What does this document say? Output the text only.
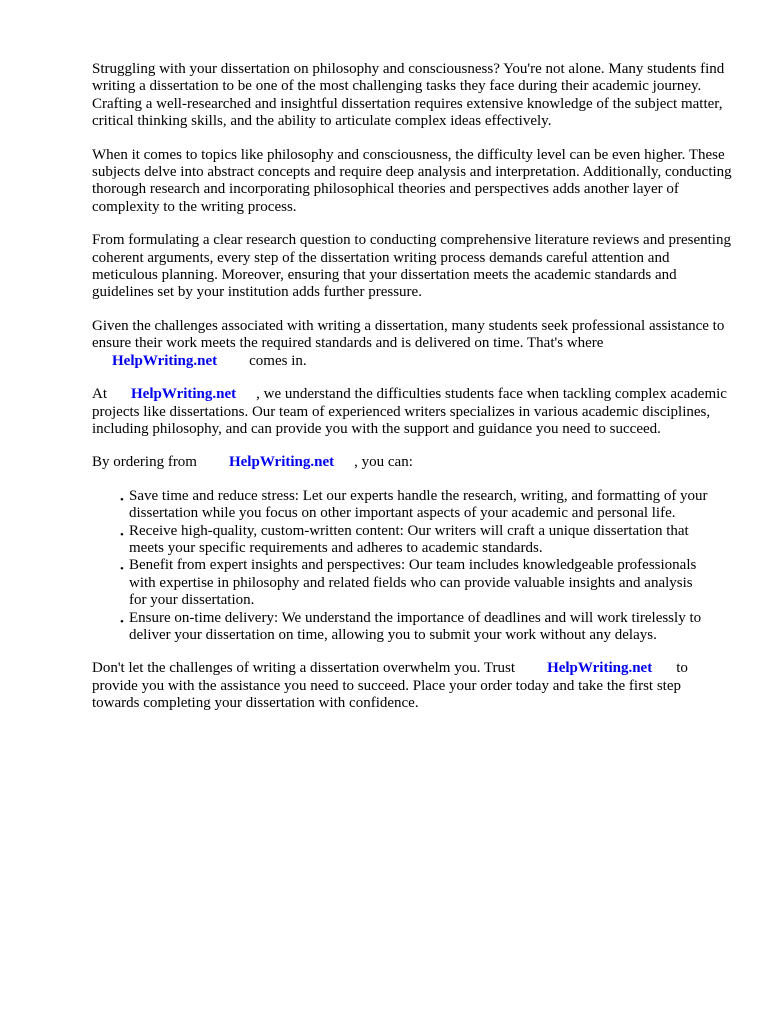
Struggling with your dissertation on philosophy and consciousness? You're not alone. Many students find writing a dissertation to be one of the most challenging tasks they face during their academic journey. Crafting a well-researched and insightful dissertation requires extensive knowledge of the subject matter, critical thinking skills, and the ability to articulate complex ideas effectively.

When it comes to topics like philosophy and consciousness, the difficulty level can be even higher. These subjects delve into abstract concepts and require deep analysis and interpretation. Additionally, conducting thorough research and incorporating philosophical theories and perspectives adds another layer of complexity to the writing process.

From formulating a clear research question to conducting comprehensive literature reviews and presenting coherent arguments, every step of the dissertation writing process demands careful attention and meticulous planning. Moreover, ensuring that your dissertation meets the academic standards and guidelines set by your institution adds further pressure.

Given the challenges associated with writing a dissertation, many students seek professional assistance to ensure their work meets the required standards and is delivered on time. That's where
HelpWriting.net comes in.

At HelpWriting.net , we understand the difficulties students face when tackling complex academic projects like dissertations. Our team of experienced writers specializes in various academic disciplines, including philosophy, and can provide you with the support and guidance you need to succeed.

By ordering from HelpWriting.net , you can:

• Save time and reduce stress: Let our experts handle the research, writing, and formatting of your dissertation while you focus on other important aspects of your academic and personal life.
• Receive high-quality, custom-written content: Our writers will craft a unique dissertation that meets your specific requirements and adheres to academic standards.
• Benefit from expert insights and perspectives: Our team includes knowledgeable professionals with expertise in philosophy and related fields who can provide valuable insights and analysis for your dissertation.
• Ensure on-time delivery: We understand the importance of deadlines and will work tirelessly to deliver your dissertation on time, allowing you to submit your work without any delays.

Don't let the challenges of writing a dissertation overwhelm you. Trust HelpWriting.net to provide you with the assistance you need to succeed. Place your order today and take the first step towards completing your dissertation with confidence.
